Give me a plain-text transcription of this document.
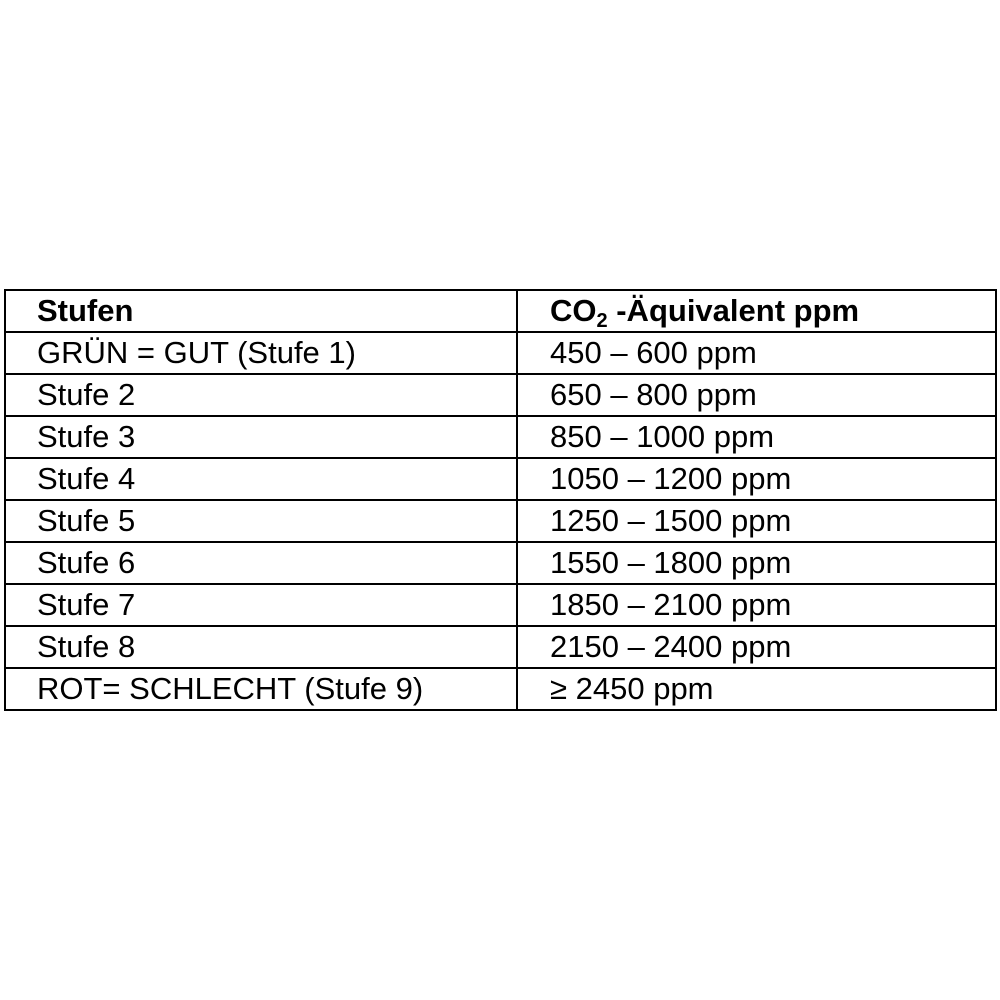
Stufen	$CO_2$ -Äquivalent ppm
GRÜN = GUT (Stufe 1)	450 – 600 ppm
Stufe 2	650 – 800 ppm
Stufe 3	850 – 1000 ppm
Stufe 4	1050 – 1200 ppm
Stufe 5	1250 – 1500 ppm
Stufe 6	1550 – 1800 ppm
Stufe 7	1850 – 2100 ppm
Stufe 8	2150 – 2400 ppm
ROT= SCHLECHT (Stufe 9)	≥ 2450 ppm
